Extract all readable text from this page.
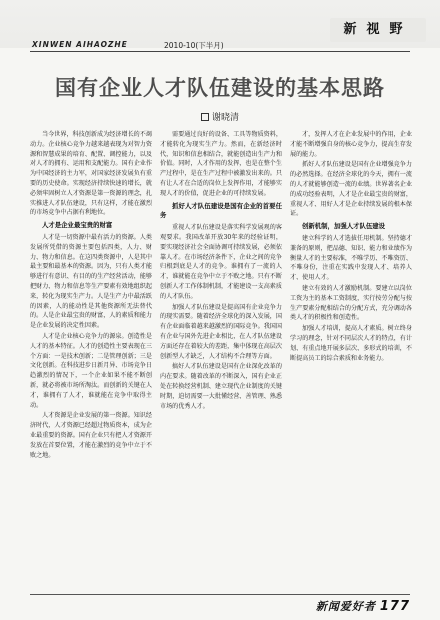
新视野
XINWEN AIHAOZHE	2010-10(下半月)
国有企业人才队伍建设的基本思路
谢晓清

当今世界，科技创新成为经济增长的不竭动力。企业核心竞争力越来越表现为对智力资源和智慧成果的培育、配置、调控能力，以及对人才的拥有、运用和支配能力。国有企业作为中国经济的主力军，对国家经济发展负有重要的历史使命。实现经济持续快速的增长，就必须牢固树立人才资源是第一资源的理念，扎实推进人才队伍建设，只有这样，才能在激烈的市场竞争中占据有利地位。

人才是企业最宝贵的财富

人才是一切资源中最有活力的资源。人类发展所凭借的资源主要包括四类，人力、财力、物力和信息。在这四类资源中，人是其中最主要和最基本的资源。因为，只有人类才能够进行有意识、有目的的生产经营活动，能够把财力、物力和信息等生产要素有效地组织起来，转化为现实生产力。人是生产力中最活跃的因素，人的能动性是其他资源所无法替代的。人是企业最宝贵的财富，人的素质和能力是企业发展的决定性因素。

人才是企业核心竞争力的源泉。创造性是人才的基本特征。人才的创造性主要表现在三个方面：一是技术创新；二是管理创新；三是文化创新。在科技进步日新月异、市场竞争日趋激烈的情况下，一个企业如果不能不断创新，就必将被市场所淘汰。而创新的关键在人才，谁拥有了人才，谁就能在竞争中取得主动。

人才资源是企业发展的第一资源。知识经济时代，人才资源已经超过物质资本，成为企业最重要的资源。国有企业只有把人才资源开发放在首要位置，才能在激烈的竞争中立于不败之地。

需要通过良好的设备、工具等物质资料，才能转化为现实生产力。然而，在新经济时代，知识和信息相结合，就能创造出生产力和价值。同时，人才作用的发挥，也是在整个生产过程中，是在生产过程中被激发出来的。只有让人才在合适的岗位上发挥作用，才能够实现人才的价值，促进企业的可持续发展。

抓好人才队伍建设是国有企业的首要任务

重视人才队伍建设是落实科学发展观的客观要求。我国改革开放30年来的经验证明，要实现经济社会全面协调可持续发展，必须依靠人才。在市场经济条件下，企业之间的竞争归根到底是人才的竞争。谁拥有了一流的人才，谁就能在竞争中立于不败之地。只有不断创新人才工作体制机制，才能建设一支高素质的人才队伍。

加强人才队伍建设是提高国有企业竞争力的现实需要。随着经济全球化的深入发展，国有企业面临着越来越激烈的国际竞争。我国国有企业与国外先进企业相比，在人才队伍建设方面还存在着较大的差距，集中体现在高层次创新型人才缺乏，人才结构不合理等方面。

搞好人才队伍建设是国有企业深化改革的内在要求。随着改革的不断深入，国有企业正处在转换经营机制、建立现代企业制度的关键时期，迫切需要一大批懂经营、善管理、熟悉市场的优秀人才。

才，发挥人才在企业发展中的作用，企业才能不断增强自身的核心竞争力，提高生存发展的能力。

抓好人才队伍建设是国有企业增强竞争力的必然选择。在经济全球化的今天，拥有一流的人才就能够创造一流的业绩。世界著名企业的成功经验表明，人才是企业最宝贵的财富，重视人才、用好人才是企业持续发展的根本保证。

创新机制，加强人才队伍建设

建立科学的人才选拔任用机制。坚持德才兼备的原则，把品德、知识、能力和业绩作为衡量人才的主要标准，不唯学历、不唯资历、不唯身份，注重在实践中发现人才、培养人才、使用人才。

建立有效的人才激励机制。要建立以岗位工资为主的基本工资制度，实行按劳分配与按生产要素分配相结合的分配方式，充分调动各类人才的积极性和创造性。

加强人才培训，提高人才素质。树立终身学习的理念，针对不同层次人才的特点，有计划、有重点地开展多层次、多形式的培训，不断提高员工的综合素质和业务能力。

新闻爱好者 177
